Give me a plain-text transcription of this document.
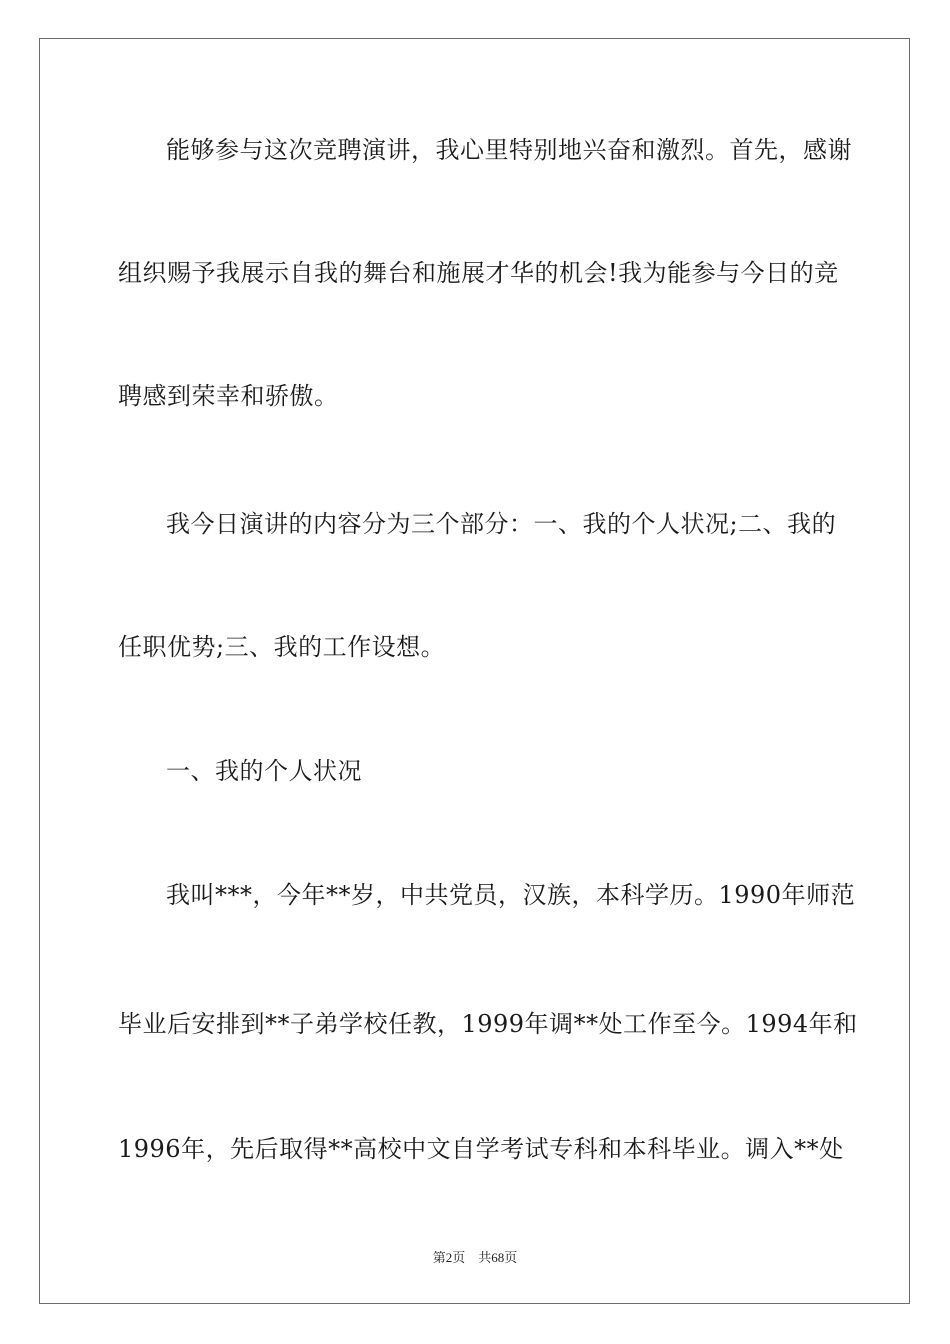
能够参与这次竞聘演讲，我心里特别地兴奋和激烈。首先，感谢
组织赐予我展示自我的舞台和施展才华的机会!我为能参与今日的竞
聘感到荣幸和骄傲。
我今日演讲的内容分为三个部分：一、我的个人状况;二、我的
任职优势;三、我的工作设想。
一、我的个人状况
我叫***，今年**岁，中共党员，汉族，本科学历。1990年师范
毕业后安排到**子弟学校任教，1999年调**处工作至今。1994年和
1996年，先后取得**高校中文自学考试专科和本科毕业。调入**处
第2页 共68页
